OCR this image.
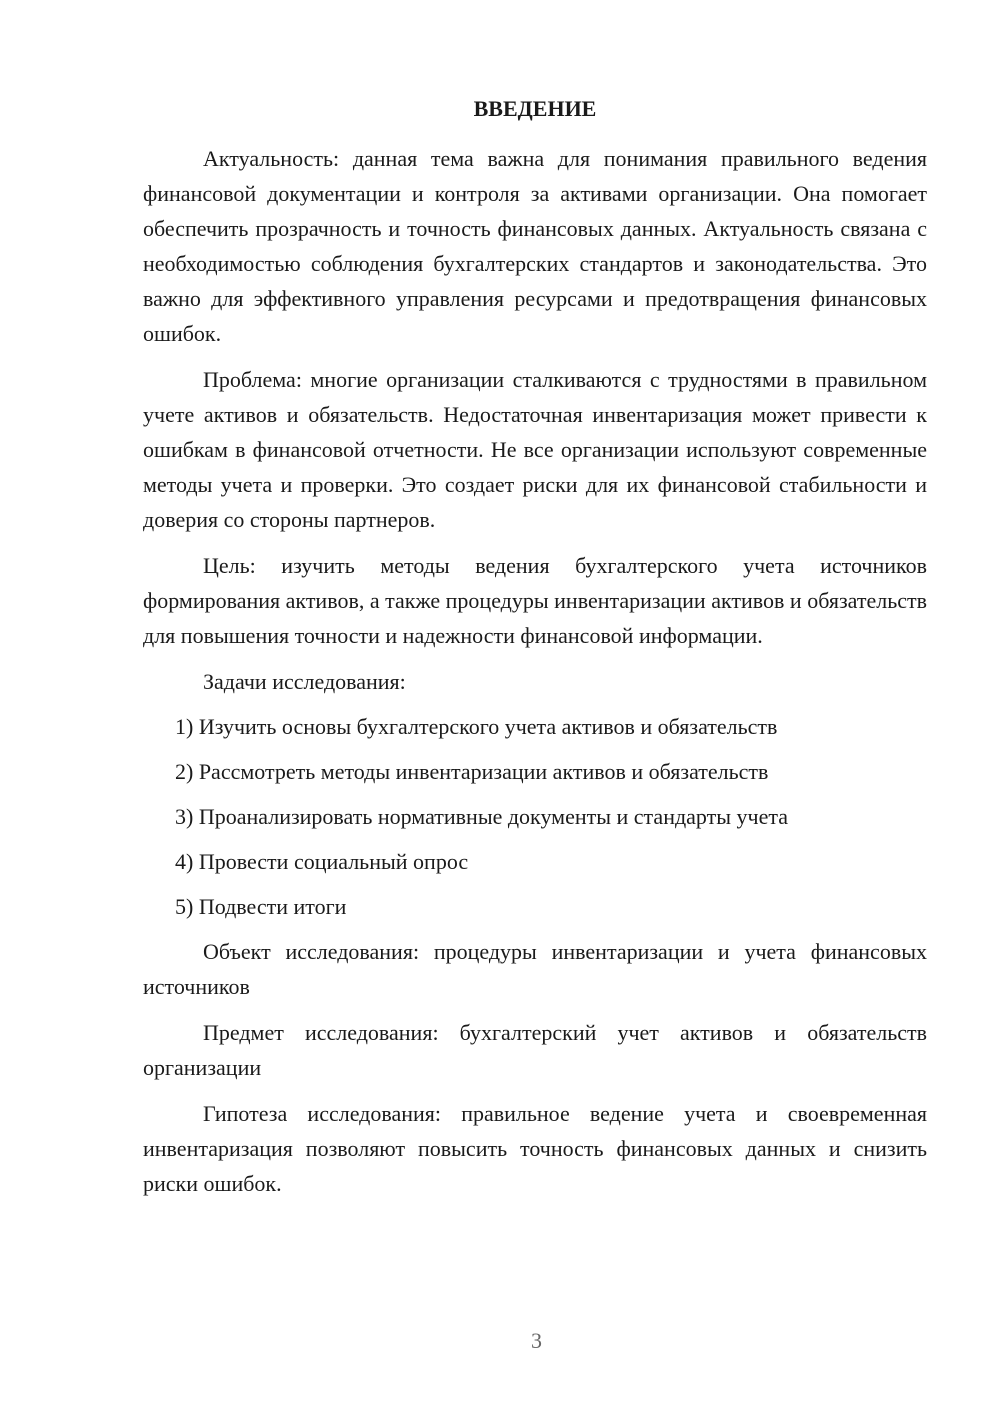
ВВЕДЕНИЕ

Актуальность: данная тема важна для понимания правильного ведения финансовой документации и контроля за активами организации. Она помогает обеспечить прозрачность и точность финансовых данных. Актуальность связана с необходимостью соблюдения бухгалтерских стандартов и законодательства. Это важно для эффективного управления ресурсами и предотвращения финансовых ошибок.

Проблема: многие организации сталкиваются с трудностями в правильном учете активов и обязательств. Недостаточная инвентаризация может привести к ошибкам в финансовой отчетности. Не все организации используют современные методы учета и проверки. Это создает риски для их финансовой стабильности и доверия со стороны партнеров.

Цель: изучить методы ведения бухгалтерского учета источников формирования активов, а также процедуры инвентаризации активов и обязательств для повышения точности и надежности финансовой информации.

Задачи исследования:

1) Изучить основы бухгалтерского учета активов и обязательств
2) Рассмотреть методы инвентаризации активов и обязательств
3) Проанализировать нормативные документы и стандарты учета
4) Провести социальный опрос
5) Подвести итоги

Объект исследования: процедуры инвентаризации и учета финансовых источников

Предмет исследования: бухгалтерский учет активов и обязательств организации

Гипотеза исследования: правильное ведение учета и своевременная инвентаризация позволяют повысить точность финансовых данных и снизить риски ошибок.

3
